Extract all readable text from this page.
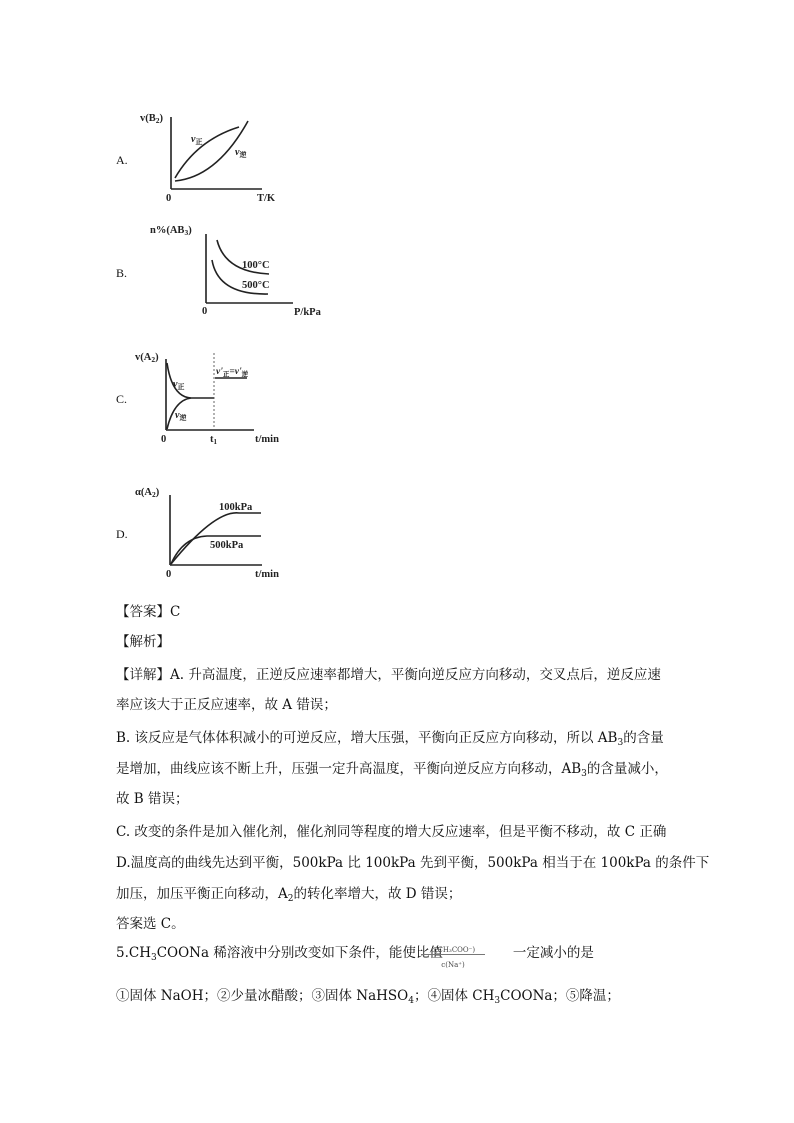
A.
v(B2)
$v_正$
$v_逆$
0	T/K
B.
n%(AB3)
100°C
500°C
0	P/kPa
C.
v(A2)
$v_正$
$v_逆$
$v'_正=v'_逆$
0	t1	t/min
D.
α(A2)
100kPa
500kPa
0	t/min
【答案】C
【解析】
【详解】A. 升高温度，正逆反应速率都增大，平衡向逆反应方向移动，交叉点后，逆反应速
率应该大于正反应速率，故 A 错误；
B. 该反应是气体体积减小的可逆反应，增大压强，平衡向正反应方向移动，所以 $AB_3$的含量
是增加，曲线应该不断上升，压强一定升高温度，平衡向逆反应方向移动，$AB_3$的含量减小，
故 B 错误；
C. 改变的条件是加入催化剂，催化剂同等程度的增大反应速率，但是平衡不移动，故 C 正确
D.温度高的曲线先达到平衡，500kPa 比 100kPa 先到平衡，500kPa 相当于在 100kPa 的条件下
加压，加压平衡正向移动，$A_2$的转化率增大，故 D 错误；
答案选 C。
$5.CH_3COONa$ 稀溶液中分别改变如下条件，能使比值	一定减小的是
c(CH₃COO⁻)
c(Na⁺)
①固体 NaOH；②少量冰醋酸；③固体 NaHSO$_4$；④固体 $CH_3COONa$；⑤降温；
